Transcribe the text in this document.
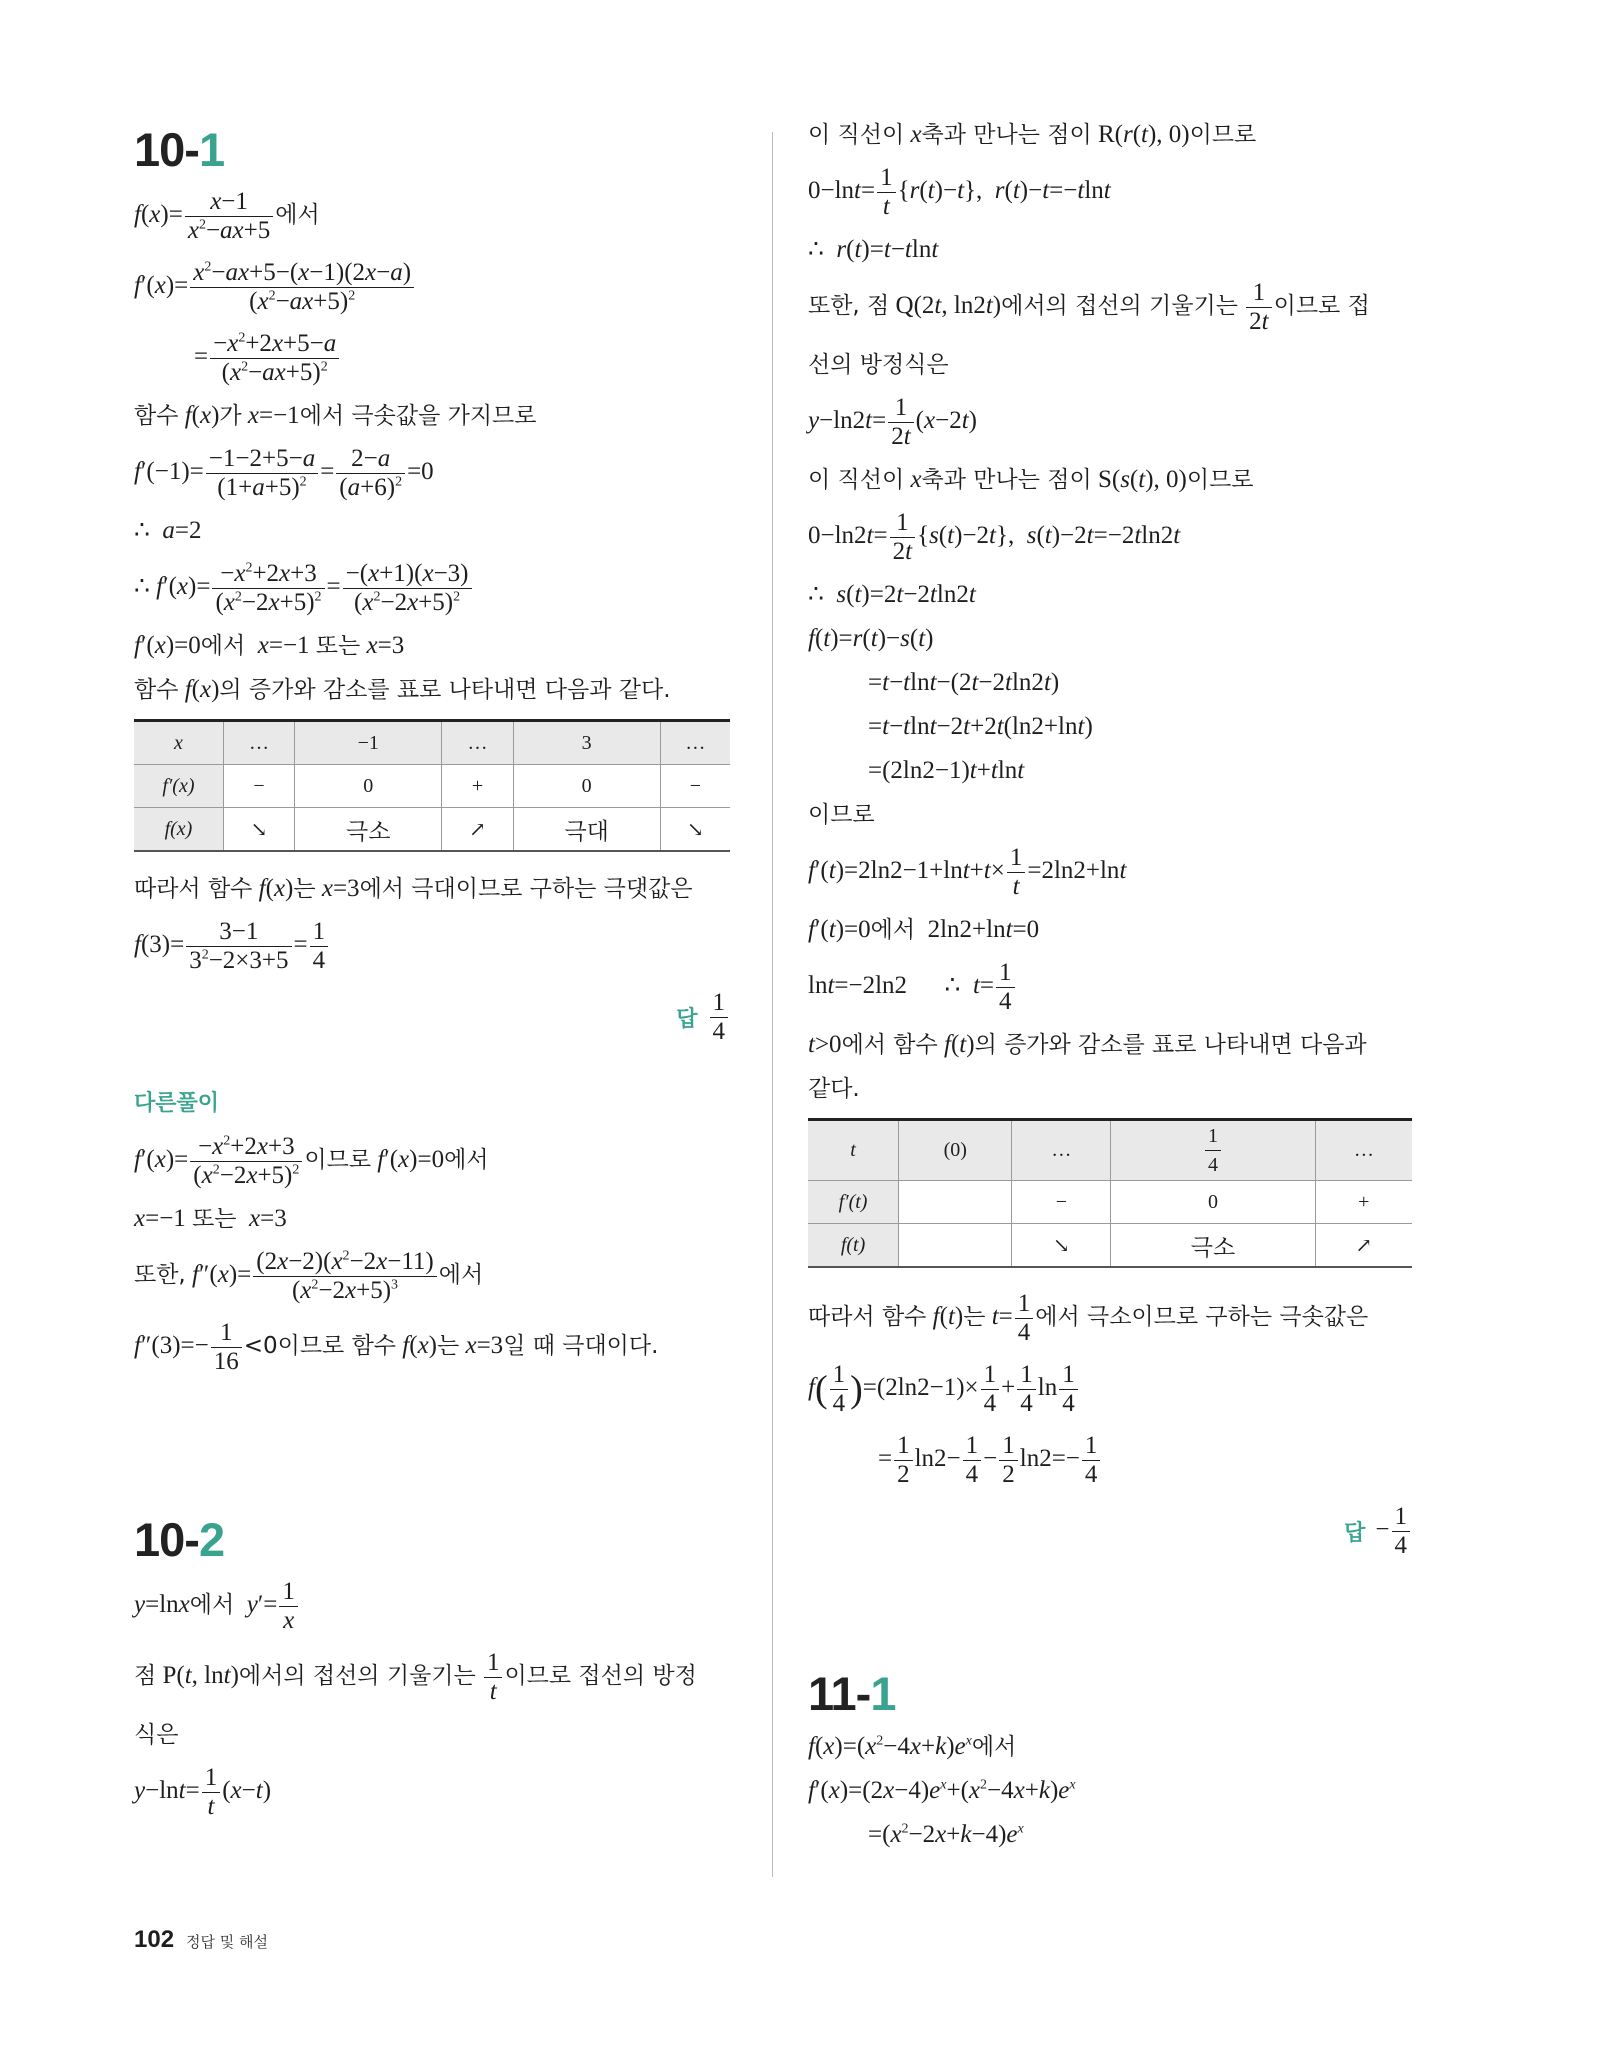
10-1
$f(x)= \frac{x-1}{x^2-ax+5}$ 에서
$f'(x)= \frac{x^2-ax+5-(x-1)(2x-a)}{(x^2-ax+5)^2}$
= $\frac{-x^2+2x+5-a}{(x^2-ax+5)^2}$
함수 f(x)가 x=−1에서 극솟값을 가지므로
$f'(-1)= \frac{-1-2+5-a}{(1+a+5)^2} = \frac{2-a}{(a+6)^2} =0$
∴  a=2
∴ $f'(x)= \frac{-x^2+2x+3}{(x^2-2x+5)^2} = \frac{-(x+1)(x-3)}{(x^2-2x+5)^2}$
f′(x)=0에서 x=−1 또는 x=3
함수 f(x)의 증가와 감소를 표로 나타내면 다음과 같다.
x	…	−1	…	3	…
f′(x)	−	0	+	0	−
f(x)	↘	극소	↗	극대	↘
따라서 함수 f(x)는 x=3에서 극대이므로 구하는 극댓값은
$f(3)= \frac{3-1}{3^2-2\times 3+5} = \frac{1}{4}$
답 $\frac{1}{4}$
다른풀이
$f'(x)= \frac{-x^2+2x+3}{(x^2-2x+5)^2}$ 이므로 f′(x)=0에서
x=−1 또는 x=3
또한, $f''(x)= \frac{(2x-2)(x^2-2x-11)}{(x^2-2x+5)^3}$ 에서
$f''(3)=- \frac{1}{16} <0$이므로 함수 f(x)는 x=3일 때 극대이다.
10-2
y=lnx에서 $y'= \frac{1}{x}$
점 P(t, lnt)에서의 접선의 기울기는 $\frac{1}{t}$ 이므로 접선의 방정
식은
$y-\ln t= \frac{1}{t} (x-t)$
이 직선이 x축과 만나는 점이 R(r(t), 0)이므로
$0-\ln t= \frac{1}{t} \{r(t)-t\}$,  r(t)−t=−tlnt
∴  r(t)=t−tlnt
또한, 점 Q(2t, ln2t)에서의 접선의 기울기는 $\frac{1}{2t}$ 이므로 접
선의 방정식은
$y-\ln 2t= \frac{1}{2t} (x-2t)$
이 직선이 x축과 만나는 점이 S(s(t), 0)이므로
$0-\ln 2t= \frac{1}{2t} \{s(t)-2t\}$,  s(t)−2t=−2tln2t
∴  s(t)=2t−2tln2t
f(t)=r(t)−s(t)
=t−tlnt−(2t−2tln2t)
=t−tlnt−2t+2t(ln2+lnt)
=(2ln2−1)t+tlnt
이므로
$f'(t)=2\ln 2-1+\ln t+t\times \frac{1}{t} =2\ln 2+\ln t$
f′(t)=0에서  2ln2+lnt=0
lnt=−2ln2      ∴  $t= \frac{1}{4}$
t>0에서 함수 f(t)의 증가와 감소를 표로 나타내면 다음과
같다.
t	(0)	…	$\frac{1}{4}$	…
f′(t)		−	0	+
f(t)		↘	극소	↗
따라서 함수 f(t)는 $t= \frac{1}{4}$ 에서 극소이므로 구하는 극솟값은
$f( \frac{1}{4} )=(2\ln 2-1)\times \frac{1}{4} + \frac{1}{4}$ $\ln \frac{1}{4}$
= $\frac{1}{2} \ln 2- \frac{1}{4} - \frac{1}{2} \ln 2=- \frac{1}{4}$
답 − $\frac{1}{4}$
11-1
$f(x)=(x^2-4x+k)e^x$에서
$f'(x)=(2x-4)e^x+(x^2-4x+k)e^x$
$=(x^2-2x+k-4)e^x$
102 정답 및 해설
